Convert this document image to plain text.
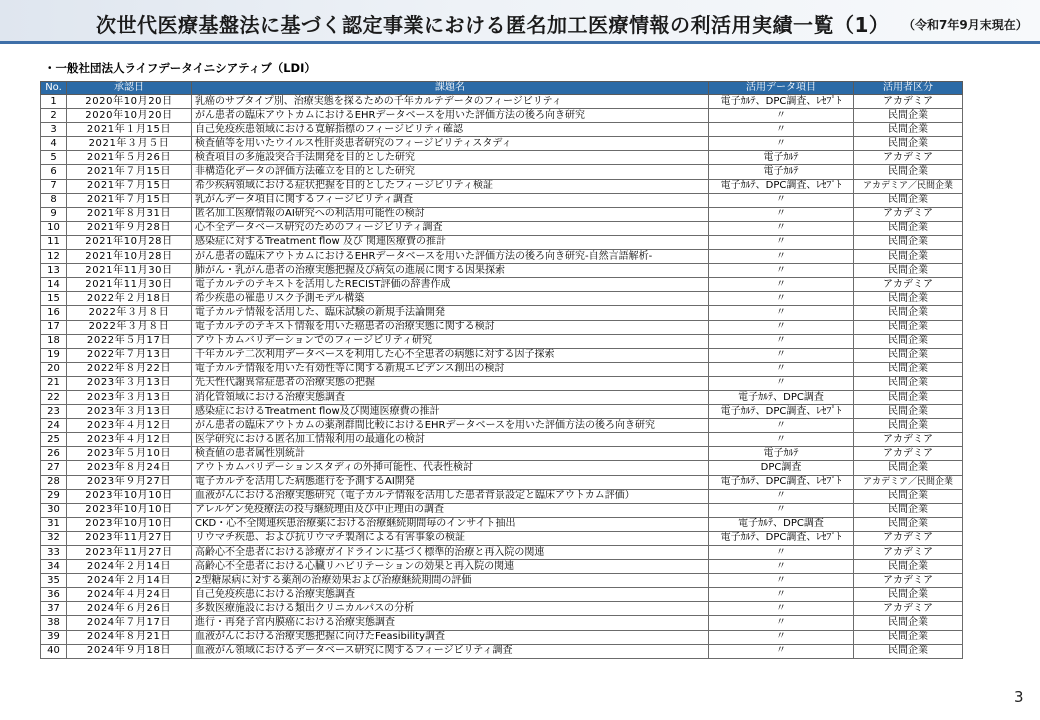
次世代医療基盤法に基づく認定事業における匿名加工医療情報の利活用実績一覧（1） （令和7年9月末現在）
・一般社団法人ライフデータイニシアティブ（LDI）
No.	承認日	課題名	活用データ項目	活用者区分
1	2020年10月20日	乳癌のサブタイプ別、治療実態を探るための千年カルテデータのフィージビリティ	電子ｶﾙﾃ、DPC調査、ﾚｾﾌﾟﾄ	アカデミア
2	2020年10月20日	がん患者の臨床アウトカムにおけるEHRデータベースを用いた評価方法の後ろ向き研究	〃	民間企業
3	2021年１月15日	自己免疫疾患領域における寛解指標のフィージビリティ確認	〃	民間企業
4	2021年３月５日	検査値等を用いたウイルス性肝炎患者研究のフィージビリティスタディ	〃	民間企業
5	2021年５月26日	検査項目の多施設突合手法開発を目的とした研究	電子ｶﾙﾃ	アカデミア
6	2021年７月15日	非構造化データの評価方法確立を目的とした研究	電子ｶﾙﾃ	民間企業
7	2021年７月15日	希少疾病領域における症状把握を目的としたフィージビリティ検証	電子ｶﾙﾃ、DPC調査、ﾚｾﾌﾟﾄ	アカデミア／民間企業
8	2021年７月15日	乳がんデータ項目に関するフィージビリティ調査	〃	民間企業
9	2021年８月31日	匿名加工医療情報のAI研究への利活用可能性の検討	〃	アカデミア
10	2021年９月28日	心不全データベース研究のためのフィージビリティ調査	〃	民間企業
11	2021年10月28日	感染症に対するTreatment flow 及び 関連医療費の推計	〃	民間企業
12	2021年10月28日	がん患者の臨床アウトカムにおけるEHRデータベースを用いた評価方法の後ろ向き研究-自然言語解析-	〃	民間企業
13	2021年11月30日	肺がん・乳がん患者の治療実態把握及び病気の進展に関する因果探索	〃	民間企業
14	2021年11月30日	電子カルテのテキストを活用したRECIST評価の辞書作成	〃	アカデミア
15	2022年２月18日	希少疾患の罹患リスク予測モデル構築	〃	民間企業
16	2022年３月８日	電子カルテ情報を活用した、臨床試験の新規手法論開発	〃	民間企業
17	2022年３月８日	電子カルテのテキスト情報を用いた癌患者の治療実態に関する検討	〃	民間企業
18	2022年５月17日	アウトカムバリデーションでのフィージビリティ研究	〃	民間企業
19	2022年７月13日	千年カルテ二次利用データベースを利用した心不全患者の病態に対する因子探索	〃	民間企業
20	2022年８月22日	電子カルテ情報を用いた有効性等に関する新規エビデンス創出の検討	〃	民間企業
21	2023年３月13日	先天性代謝異常症患者の治療実態の把握	〃	民間企業
22	2023年３月13日	消化管領域における治療実態調査	電子ｶﾙﾃ、DPC調査	民間企業
23	2023年３月13日	感染症におけるTreatment flow及び関連医療費の推計	電子ｶﾙﾃ、DPC調査、ﾚｾﾌﾟﾄ	民間企業
24	2023年４月12日	がん患者の臨床アウトカムの薬剤群間比較におけるEHRデータベースを用いた評価方法の後ろ向き研究	〃	民間企業
25	2023年４月12日	医学研究における匿名加工情報利用の最適化の検討	〃	アカデミア
26	2023年５月10日	検査値の患者属性別統計	電子ｶﾙﾃ	アカデミア
27	2023年８月24日	アウトカムバリデーションスタディの外挿可能性、代表性検討	DPC調査	民間企業
28	2023年９月27日	電子カルテを活用した病態進行を予測するAI開発	電子ｶﾙﾃ、DPC調査、ﾚｾﾌﾟﾄ	アカデミア／民間企業
29	2023年10月10日	血液がんにおける治療実態研究（電子カルテ情報を活用した患者背景設定と臨床アウトカム評価）	〃	民間企業
30	2023年10月10日	アレルゲン免疫療法の投与継続理由及び中止理由の調査	〃	民間企業
31	2023年10月10日	CKD・心不全関連疾患治療薬における治療継続期間毎のインサイト抽出	電子ｶﾙﾃ、DPC調査	民間企業
32	2023年11月27日	リウマチ疾患、および抗リウマチ製剤による有害事象の検証	電子ｶﾙﾃ、DPC調査、ﾚｾﾌﾟﾄ	アカデミア
33	2023年11月27日	高齢心不全患者における診療ガイドラインに基づく標準的治療と再入院の関連	〃	アカデミア
34	2024年２月14日	高齢心不全患者における心臓リハビリテーションの効果と再入院の関連	〃	民間企業
35	2024年２月14日	2型糖尿病に対する薬剤の治療効果および治療継続期間の評価	〃	アカデミア
36	2024年４月24日	自己免疫疾患における治療実態調査	〃	民間企業
37	2024年６月26日	多数医療施設における類出クリニカルパスの分析	〃	アカデミア
38	2024年７月17日	進行・再発子宮内膜癌における治療実態調査	〃	民間企業
39	2024年８月21日	血液がんにおける治療実態把握に向けたFeasibility調査	〃	民間企業
40	2024年９月18日	血液がん領域におけるデータベース研究に関するフィージビリティ調査	〃	民間企業
3
